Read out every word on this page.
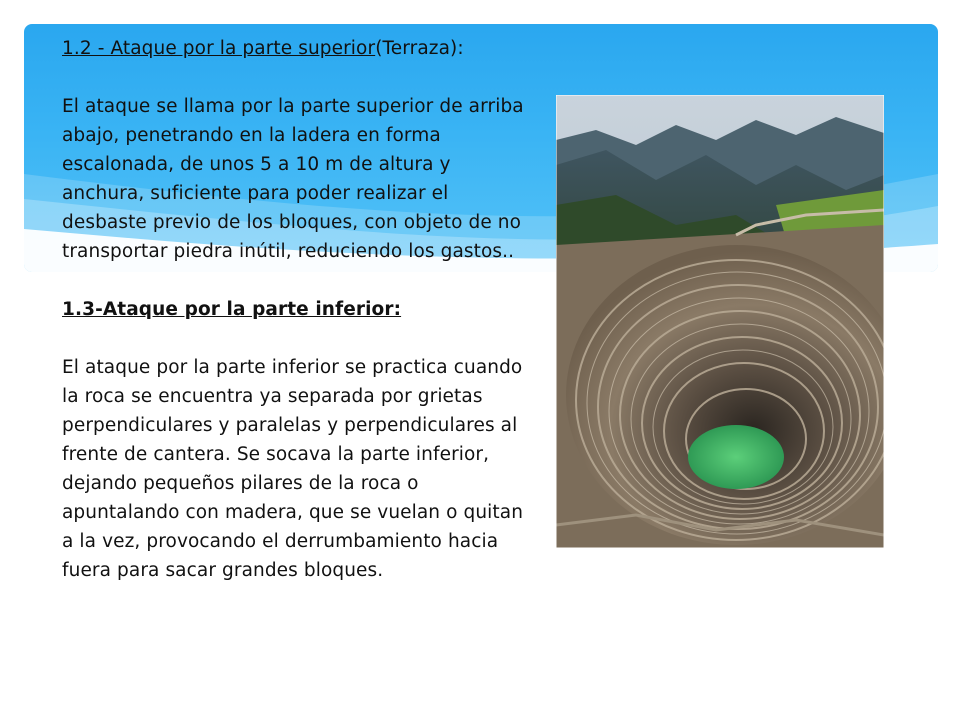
1.2 - Ataque por la parte superior(Terraza):

El ataque se llama por la parte superior de arriba abajo, penetrando en la ladera en forma escalonada, de unos 5 a 10 m de altura y anchura, suficiente para poder realizar el desbaste previo de los bloques, con objeto de no transportar piedra inútil, reduciendo los gastos..

1.3-Ataque por la parte inferior:

El ataque por la parte inferior se practica cuando la roca se encuentra ya separada por grietas perpendiculares y paralelas y perpendiculares al frente de cantera. Se socava la parte inferior, dejando pequeños pilares de la roca o apuntalando con madera, que se vuelan o quitan a la vez, provocando el derrumbamiento hacia fuera para sacar grandes bloques.
